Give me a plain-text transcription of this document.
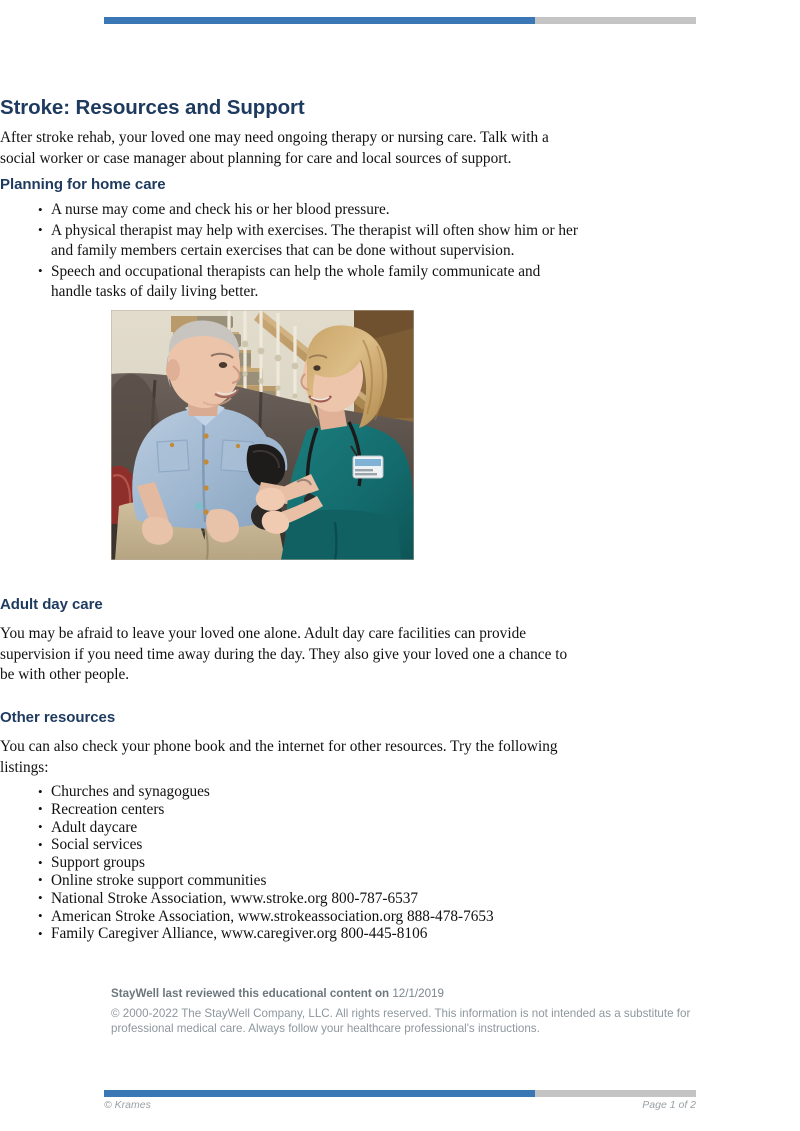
Stroke: Resources and Support

After stroke rehab, your loved one may need ongoing therapy or nursing care. Talk with a social worker or case manager about planning for care and local sources of support.

Planning for home care
• A nurse may come and check his or her blood pressure.
• A physical therapist may help with exercises. The therapist will often show him or her and family members certain exercises that can be done without supervision.
• Speech and occupational therapists can help the whole family communicate and handle tasks of daily living better.
Adult day care

You may be afraid to leave your loved one alone. Adult day care facilities can provide supervision if you need time away during the day. They also give your loved one a chance to be with other people.

Other resources

You can also check your phone book and the internet for other resources. Try the following listings:

• Churches and synagogues
• Recreation centers
• Adult daycare
• Social services
• Support groups
• Online stroke support communities
• National Stroke Association, www.stroke.org 800-787-6537
• American Stroke Association, www.strokeassociation.org 888-478-7653
• Family Caregiver Alliance, www.caregiver.org 800-445-8106
StayWell last reviewed this educational content on 12/1/2019
© 2000-2022 The StayWell Company, LLC. All rights reserved. This information is not intended as a substitute for professional medical care. Always follow your healthcare professional's instructions.
© Krames	Page 1 of 2
